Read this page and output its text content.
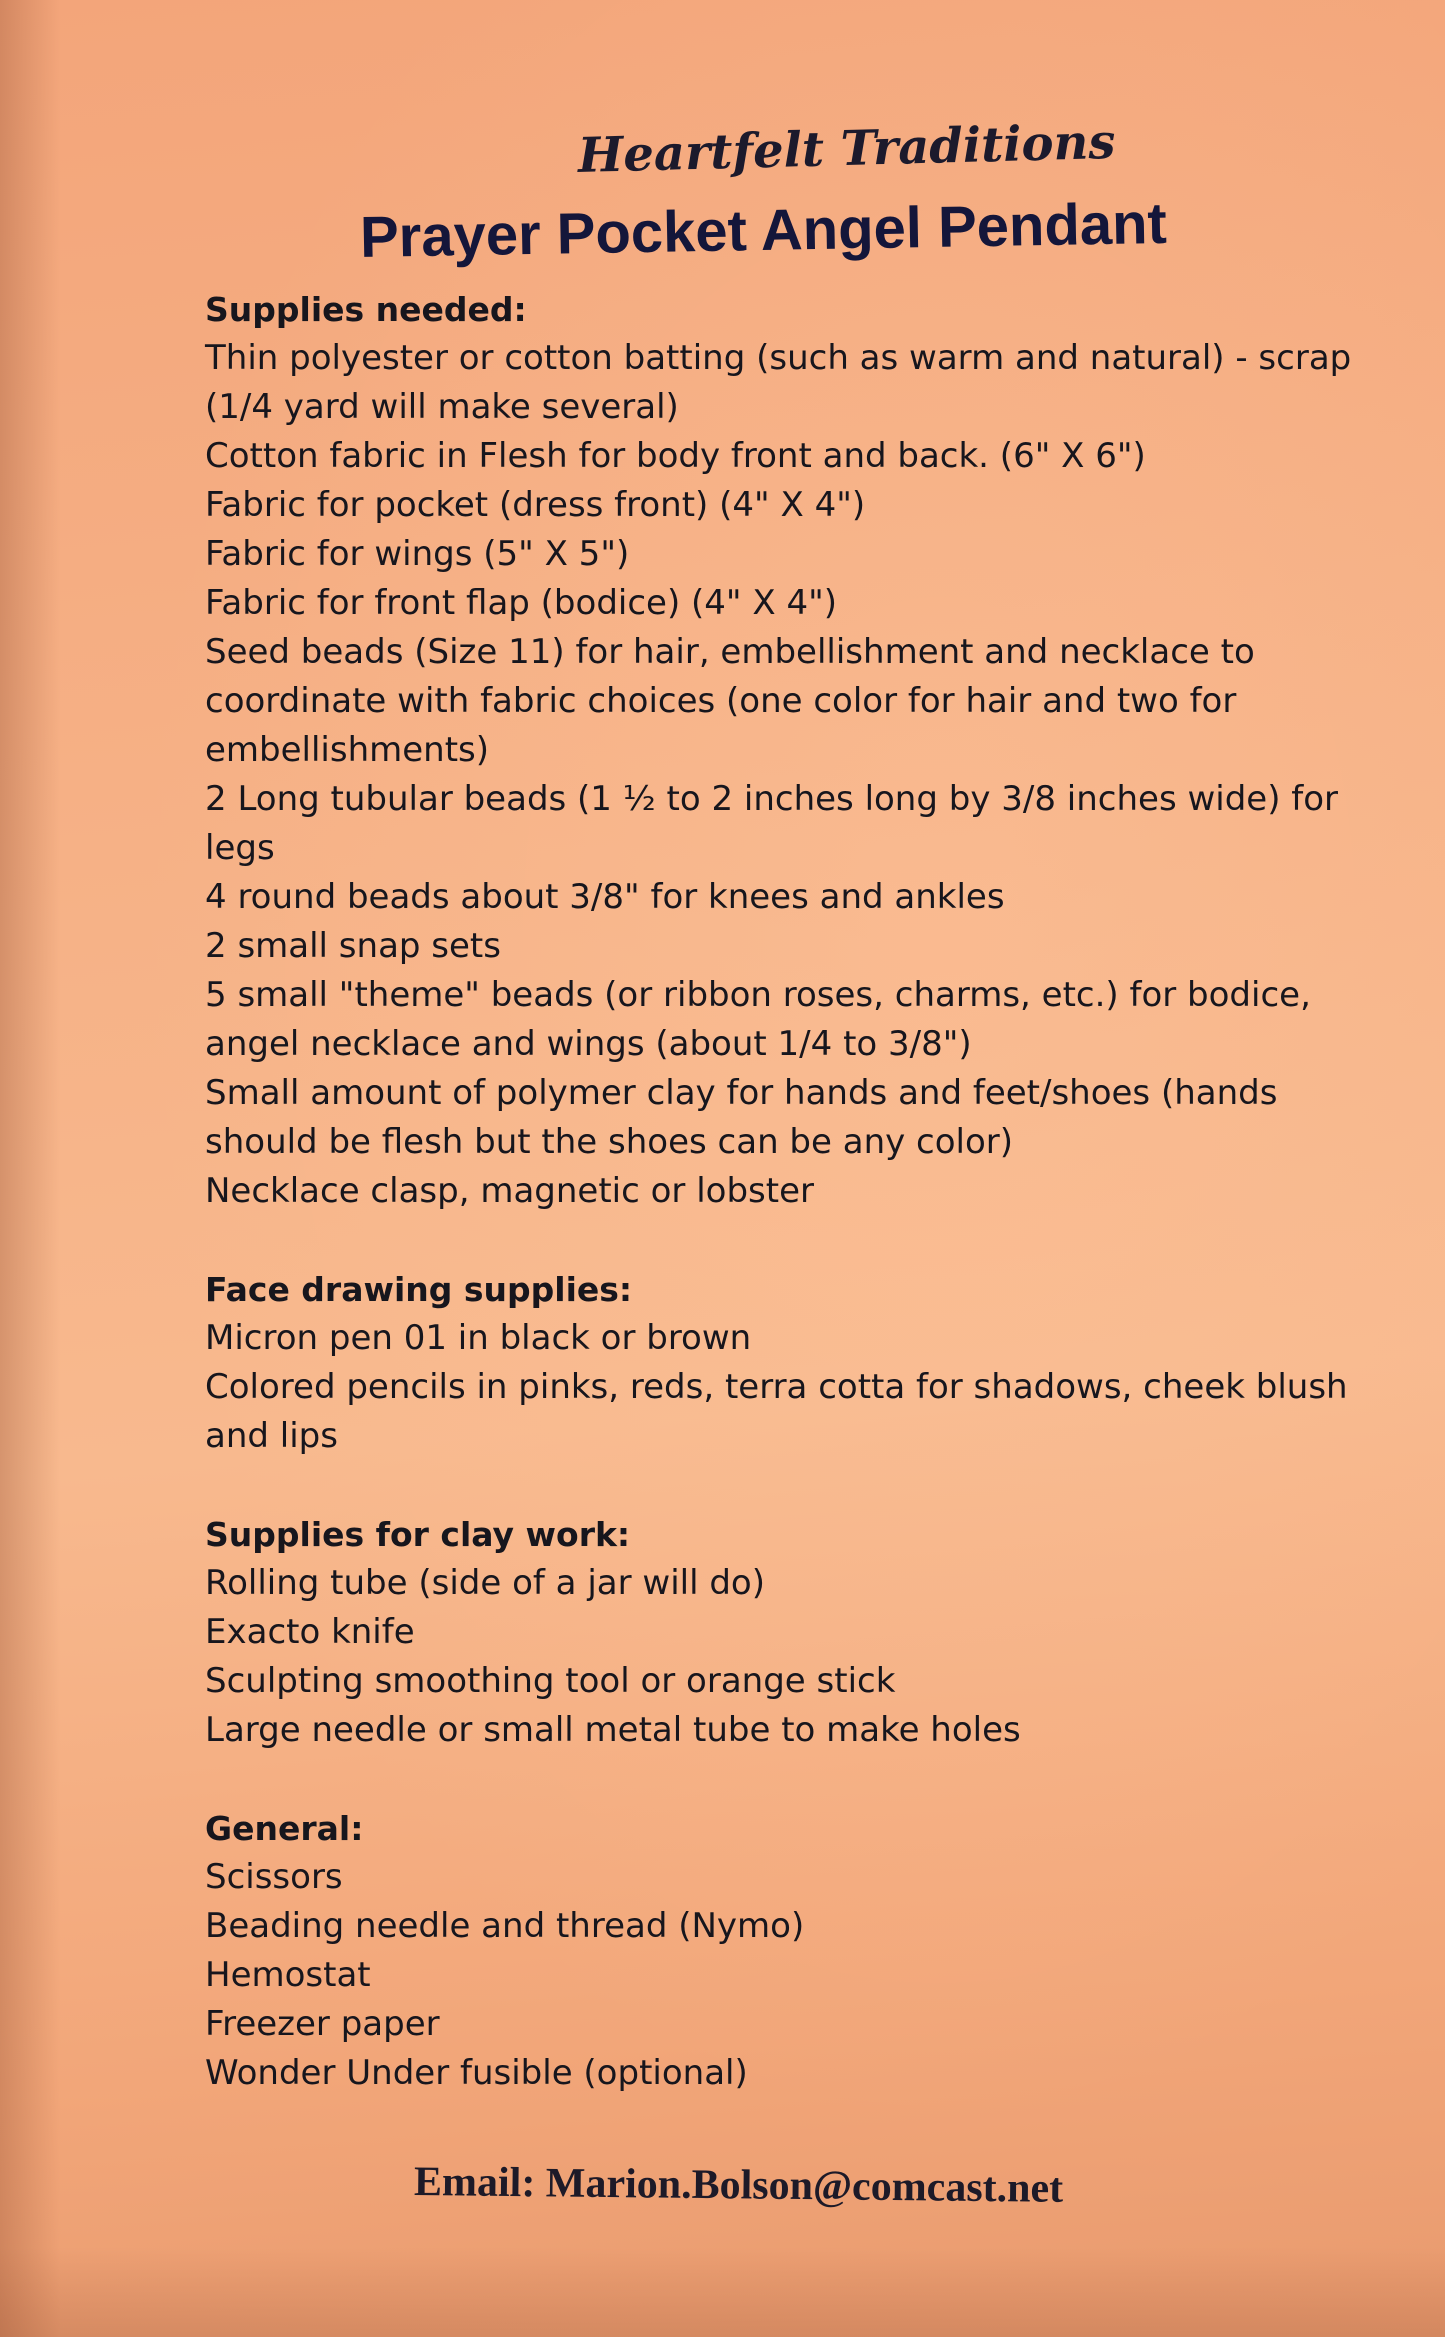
Heartfelt Traditions
Prayer Pocket Angel Pendant
Supplies needed:
Thin polyester or cotton batting (such as warm and natural) - scrap (1/4 yard will make several)
Cotton fabric in Flesh for body front and back. (6" X 6")
Fabric for pocket (dress front) (4" X 4")
Fabric for wings (5" X 5")
Fabric for front flap (bodice) (4" X 4")
Seed beads (Size 11) for hair, embellishment and necklace to coordinate with fabric choices (one color for hair and two for embellishments)
2 Long tubular beads (1 ½ to 2 inches long by 3/8 inches wide) for legs
4 round beads about 3/8" for knees and ankles
2 small snap sets
5 small "theme" beads (or ribbon roses, charms, etc.) for bodice, angel necklace and wings (about 1/4 to 3/8")
Small amount of polymer clay for hands and feet/shoes (hands should be flesh but the shoes can be any color)
Necklace clasp, magnetic or lobster
Face drawing supplies:
Micron pen 01 in black or brown
Colored pencils in pinks, reds, terra cotta for shadows, cheek blush and lips
Supplies for clay work:
Rolling tube (side of a jar will do)
Exacto knife
Sculpting smoothing tool or orange stick
Large needle or small metal tube to make holes
General:
Scissors
Beading needle and thread (Nymo)
Hemostat
Freezer paper
Wonder Under fusible (optional)
Email: Marion.Bolson@comcast.net
